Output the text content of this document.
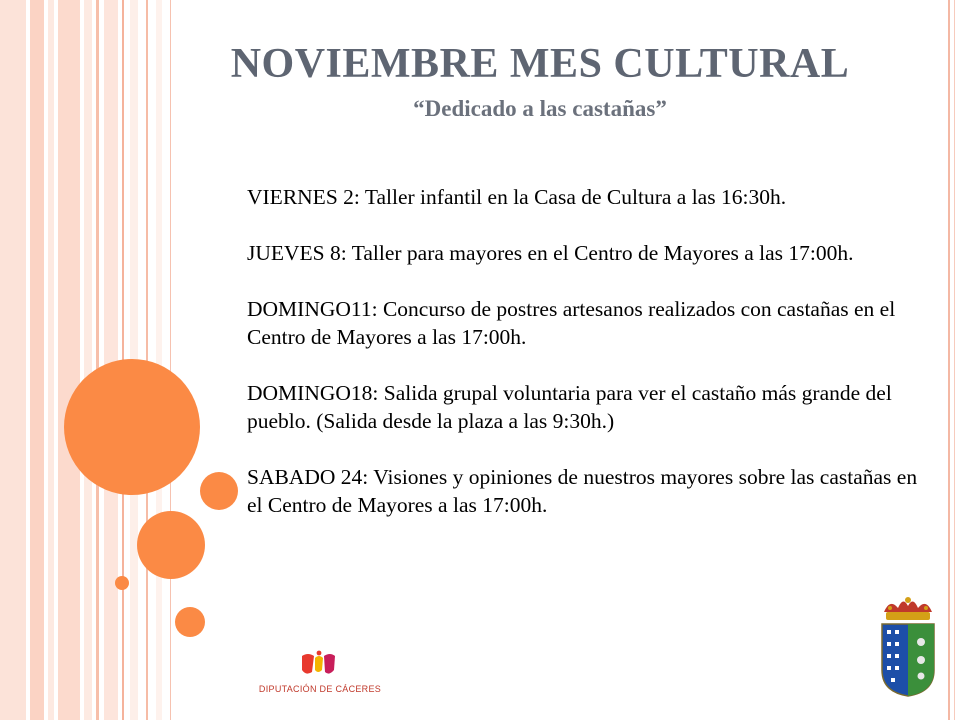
NOVIEMBRE MES CULTURAL

“Dedicado a las castañas”

VIERNES 2: Taller infantil en la Casa de Cultura a las 16:30h.

JUEVES 8: Taller para mayores en el Centro de Mayores a las 17:00h.

DOMINGO11: Concurso de postres artesanos realizados con castañas en el Centro de Mayores a las 17:00h.

DOMINGO18: Salida grupal voluntaria para ver el castaño más grande del pueblo. (Salida desde la plaza a las 9:30h.)

SABADO 24: Visiones y opiniones de nuestros mayores sobre las castañas en el Centro de Mayores a las 17:00h.

DIPUTACIÓN DE CÁCERES
